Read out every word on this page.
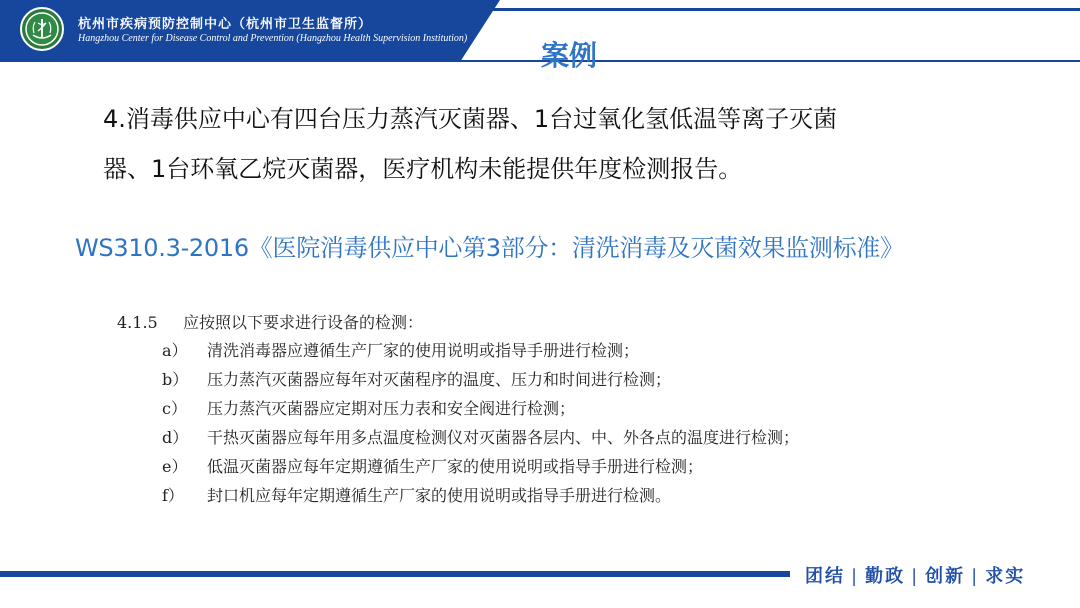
杭州市疾病预防控制中心（杭州市卫生监督所）
Hangzhou Center for Disease Control and Prevention (Hangzhou Health Supervision Institution)
案例
4.消毒供应中心有四台压力蒸汽灭菌器、1台过氧化氢低温等离子灭菌
器、1台环氧乙烷灭菌器，医疗机构未能提供年度检测报告。
WS310.3-2016《医院消毒供应中心第3部分：清洗消毒及灭菌效果监测标准》
4.1.5 应按照以下要求进行设备的检测：
a） 清洗消毒器应遵循生产厂家的使用说明或指导手册进行检测；
b） 压力蒸汽灭菌器应每年对灭菌程序的温度、压力和时间进行检测；
c） 压力蒸汽灭菌器应定期对压力表和安全阀进行检测；
d） 干热灭菌器应每年用多点温度检测仪对灭菌器各层内、中、外各点的温度进行检测；
e） 低温灭菌器应每年定期遵循生产厂家的使用说明或指导手册进行检测；
f） 封口机应每年定期遵循生产厂家的使用说明或指导手册进行检测。
团结 | 勤政 | 创新 | 求实
